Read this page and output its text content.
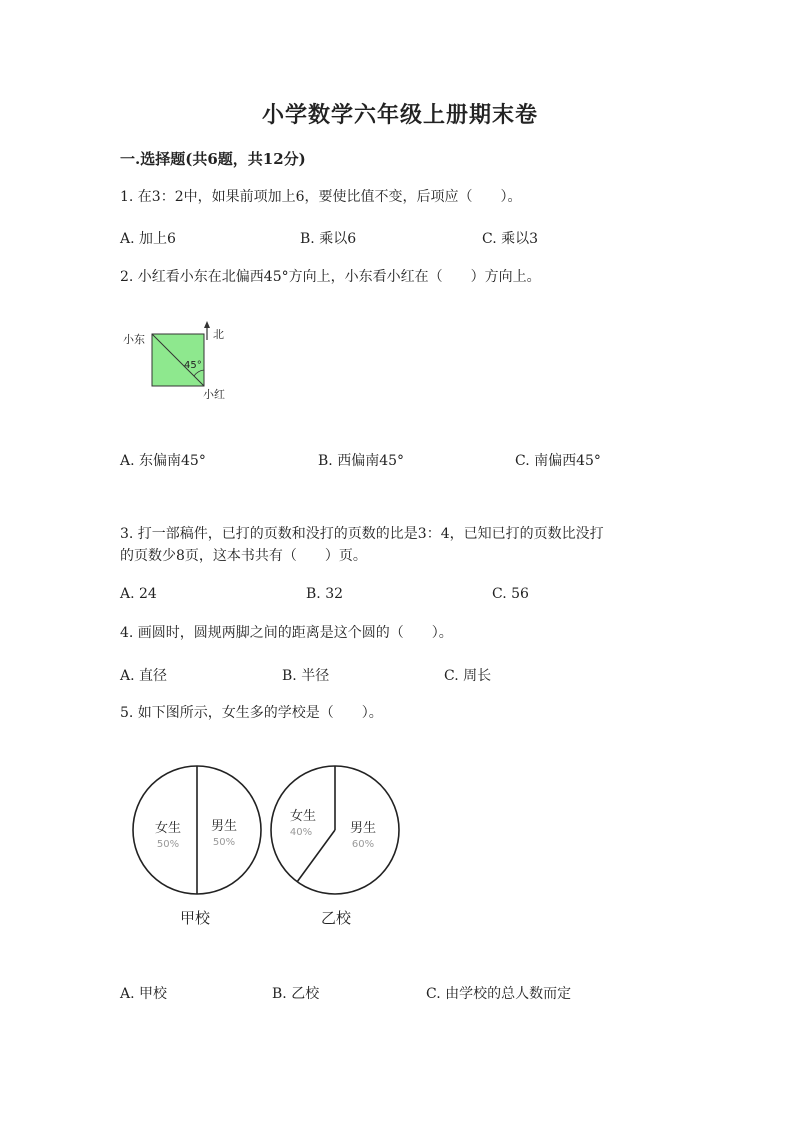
小学数学六年级上册期末卷
一.选择题(共6题，共12分)
1. 在3：2中，如果前项加上6，要使比值不变，后项应（　　）。
A. 加上6	B. 乘以6	C. 乘以3
2. 小红看小东在北偏西45°方向上，小东看小红在（　　）方向上。
小东	北
45°
小红
A. 东偏南45°	B. 西偏南45°	C. 南偏西45°
3. 打一部稿件，已打的页数和没打的页数的比是3：4，已知已打的页数比没打
的页数少8页，这本书共有（　　）页。
A. 24	B. 32	C. 56
4. 画圆时，圆规两脚之间的距离是这个圆的（　　）。
A. 直径	B. 半径	C. 周长
5. 如下图所示，女生多的学校是（　　）。
女生
50%
男生
50%
甲校
女生
40%	男生
60%
乙校
A. 甲校	B. 乙校	C. 由学校的总人数而定
